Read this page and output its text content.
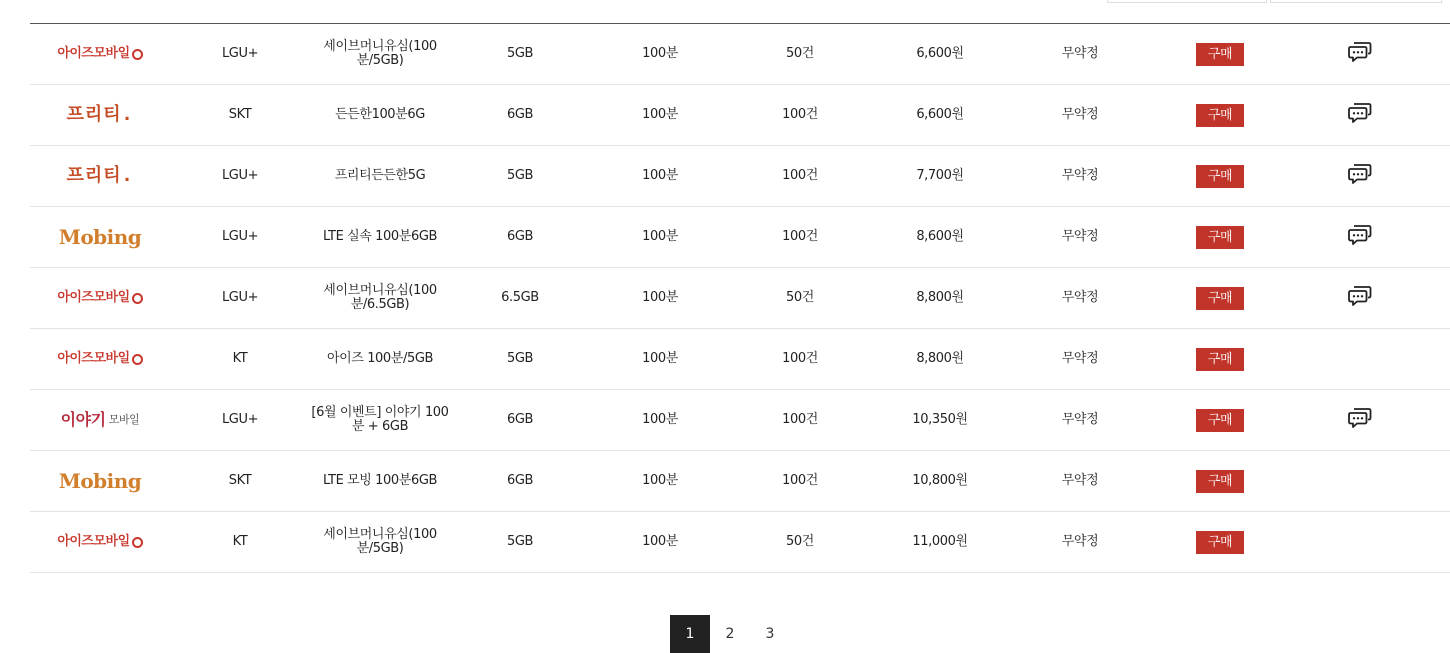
아이즈모바일	LGU+	세이브머니유심(100분/5GB)	5GB	100분	50건	6,600원	무약정	구매
프리티.	SKT	든든한100분6G	6GB	100분	100건	6,600원	무약정	구매
프리티.	LGU+	프리티든든한5G	5GB	100분	100건	7,700원	무약정	구매
Mobing	LGU+	LTE 실속 100분6GB	6GB	100분	100건	8,600원	무약정	구매
아이즈모바일	LGU+	세이브머니유심(100분/6.5GB)	6.5GB	100분	50건	8,800원	무약정	구매
아이즈모바일	KT	아이즈 100분/5GB	5GB	100분	100건	8,800원	무약정	구매
이야기 모바일	LGU+	[6월 이벤트] 이야기 100분 + 6GB	6GB	100분	100건	10,350원	무약정	구매
Mobing	SKT	LTE 모빙 100분6GB	6GB	100분	100건	10,800원	무약정	구매
아이즈모바일	KT	세이브머니유심(100분/5GB)	5GB	100분	50건	11,000원	무약정	구매
1	2	3
